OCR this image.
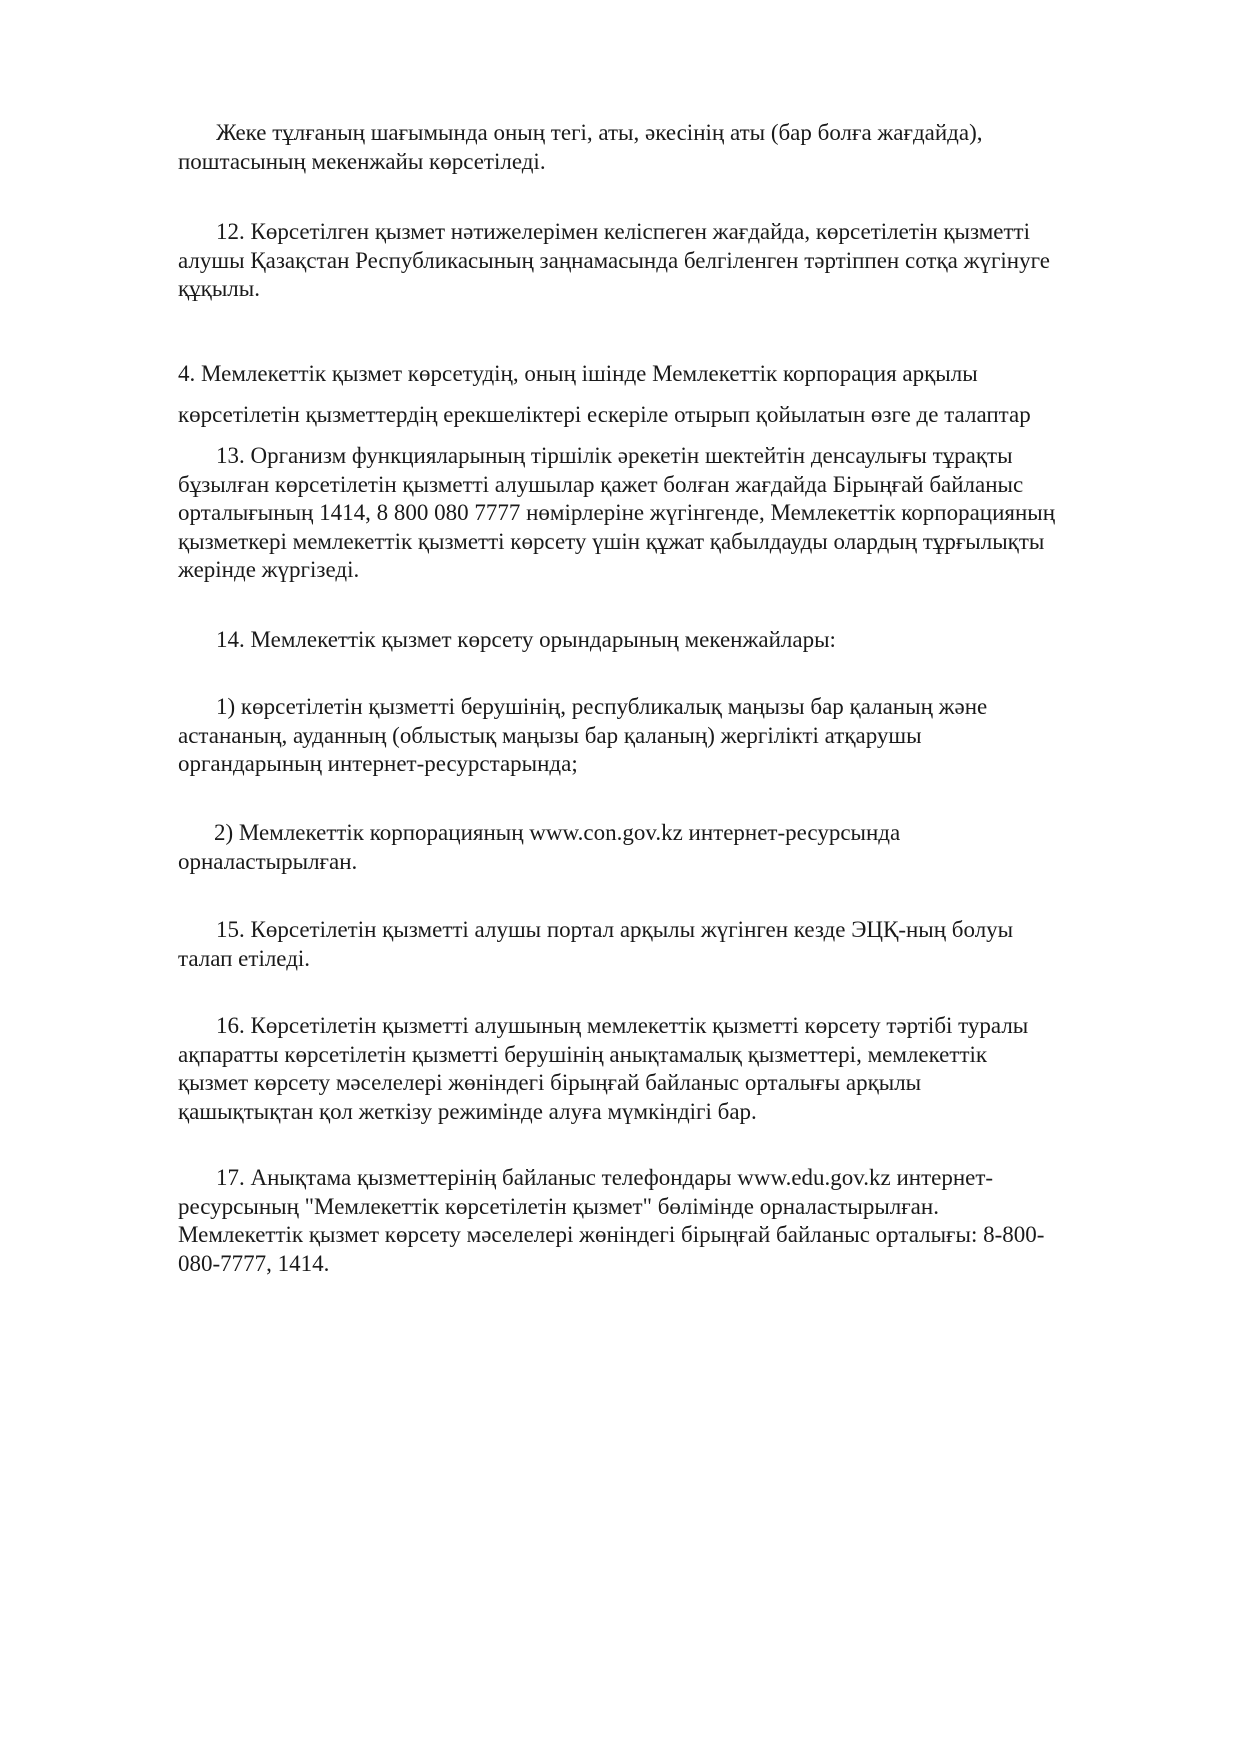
Жеке тұлғаның шағымында оның тегі, аты, әкесінің аты (бар болға жағдайда),
поштасының мекенжайы көрсетіледі.
12. Көрсетілген қызмет нәтижелерімен келіспеген жағдайда, көрсетілетін қызметті
алушы Қазақстан Республикасының заңнамасында белгіленген тәртіппен сотқа жүгінуге
құқылы.
4. Мемлекеттік қызмет көрсетудің, оның ішінде Мемлекеттік корпорация арқылы
көрсетілетін қызметтердің ерекшеліктері ескеріле отырып қойылатын өзге де талаптар
13. Организм функцияларының тіршілік әрекетін шектейтін денсаулығы тұрақты
бұзылған көрсетілетін қызметті алушылар қажет болған жағдайда Бірыңғай байланыс
орталығының 1414, 8 800 080 7777 нөмірлеріне жүгінгенде, Мемлекеттік корпорацияның
қызметкері мемлекеттік қызметті көрсету үшін құжат қабылдауды олардың тұрғылықты
жерінде жүргізеді.
14. Мемлекеттік қызмет көрсету орындарының мекенжайлары:
1) көрсетілетін қызметті берушінің, республикалық маңызы бар қаланың және
астананың, ауданның (облыстық маңызы бар қаланың) жергілікті атқарушы
органдарының интернет-ресурстарында;
2) Мемлекеттік корпорацияның www.con.gov.kz интернет-ресурсында
орналастырылған.
15. Көрсетілетін қызметті алушы портал арқылы жүгінген кезде ЭЦҚ-ның болуы
талап етіледі.
16. Көрсетілетін қызметті алушының мемлекеттік қызметті көрсету тәртібі туралы
ақпаратты көрсетілетін қызметті берушінің анықтамалық қызметтері, мемлекеттік
қызмет көрсету мәселелері жөніндегі бірыңғай байланыс орталығы арқылы
қашықтықтан қол жеткізу режимінде алуға мүмкіндігі бар.
17. Анықтама қызметтерінің байланыс телефондары www.edu.gov.kz интернет-
ресурсының "Мемлекеттік көрсетілетін қызмет" бөлімінде орналастырылған.
Мемлекеттік қызмет көрсету мәселелері жөніндегі бірыңғай байланыс орталығы: 8-800-
080-7777, 1414.
